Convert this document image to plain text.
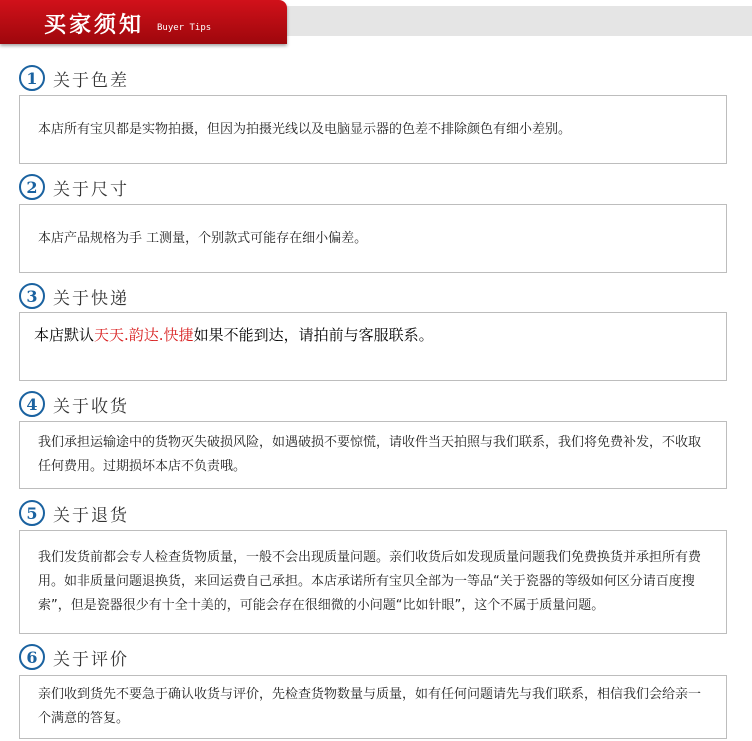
买家须知 Buyer Tips
1 关于色差

本店所有宝贝都是实物拍摄，但因为拍摄光线以及电脑显示器的色差不排除颜色有细小差别。

2 关于尺寸

本店产品规格为手 工测量，个别款式可能存在细小偏差。

3 关于快递

本店默认天天.韵达.快捷如果不能到达，请拍前与客服联系。

4 关于收货

我们承担运输途中的货物灭失破损风险，如遇破损不要惊慌，请收件当天拍照与我们联系，我们将免费补发，不收取任何费用。过期损坏本店不负责哦。

5 关于退货

我们发货前都会专人检查货物质量，一般不会出现质量问题。亲们收货后如发现质量问题我们免费换货并承担所有费用。如非质量问题退换货，来回运费自己承担。本店承诺所有宝贝全部为一等品“关于瓷器的等级如何区分请百度搜索”，但是瓷器很少有十全十美的，可能会存在很细微的小问题“比如针眼”，这个不属于质量问题。

6 关于评价

亲们收到货先不要急于确认收货与评价，先检查货物数量与质量，如有任何问题请先与我们联系，相信我们会给亲一个满意的答复。
